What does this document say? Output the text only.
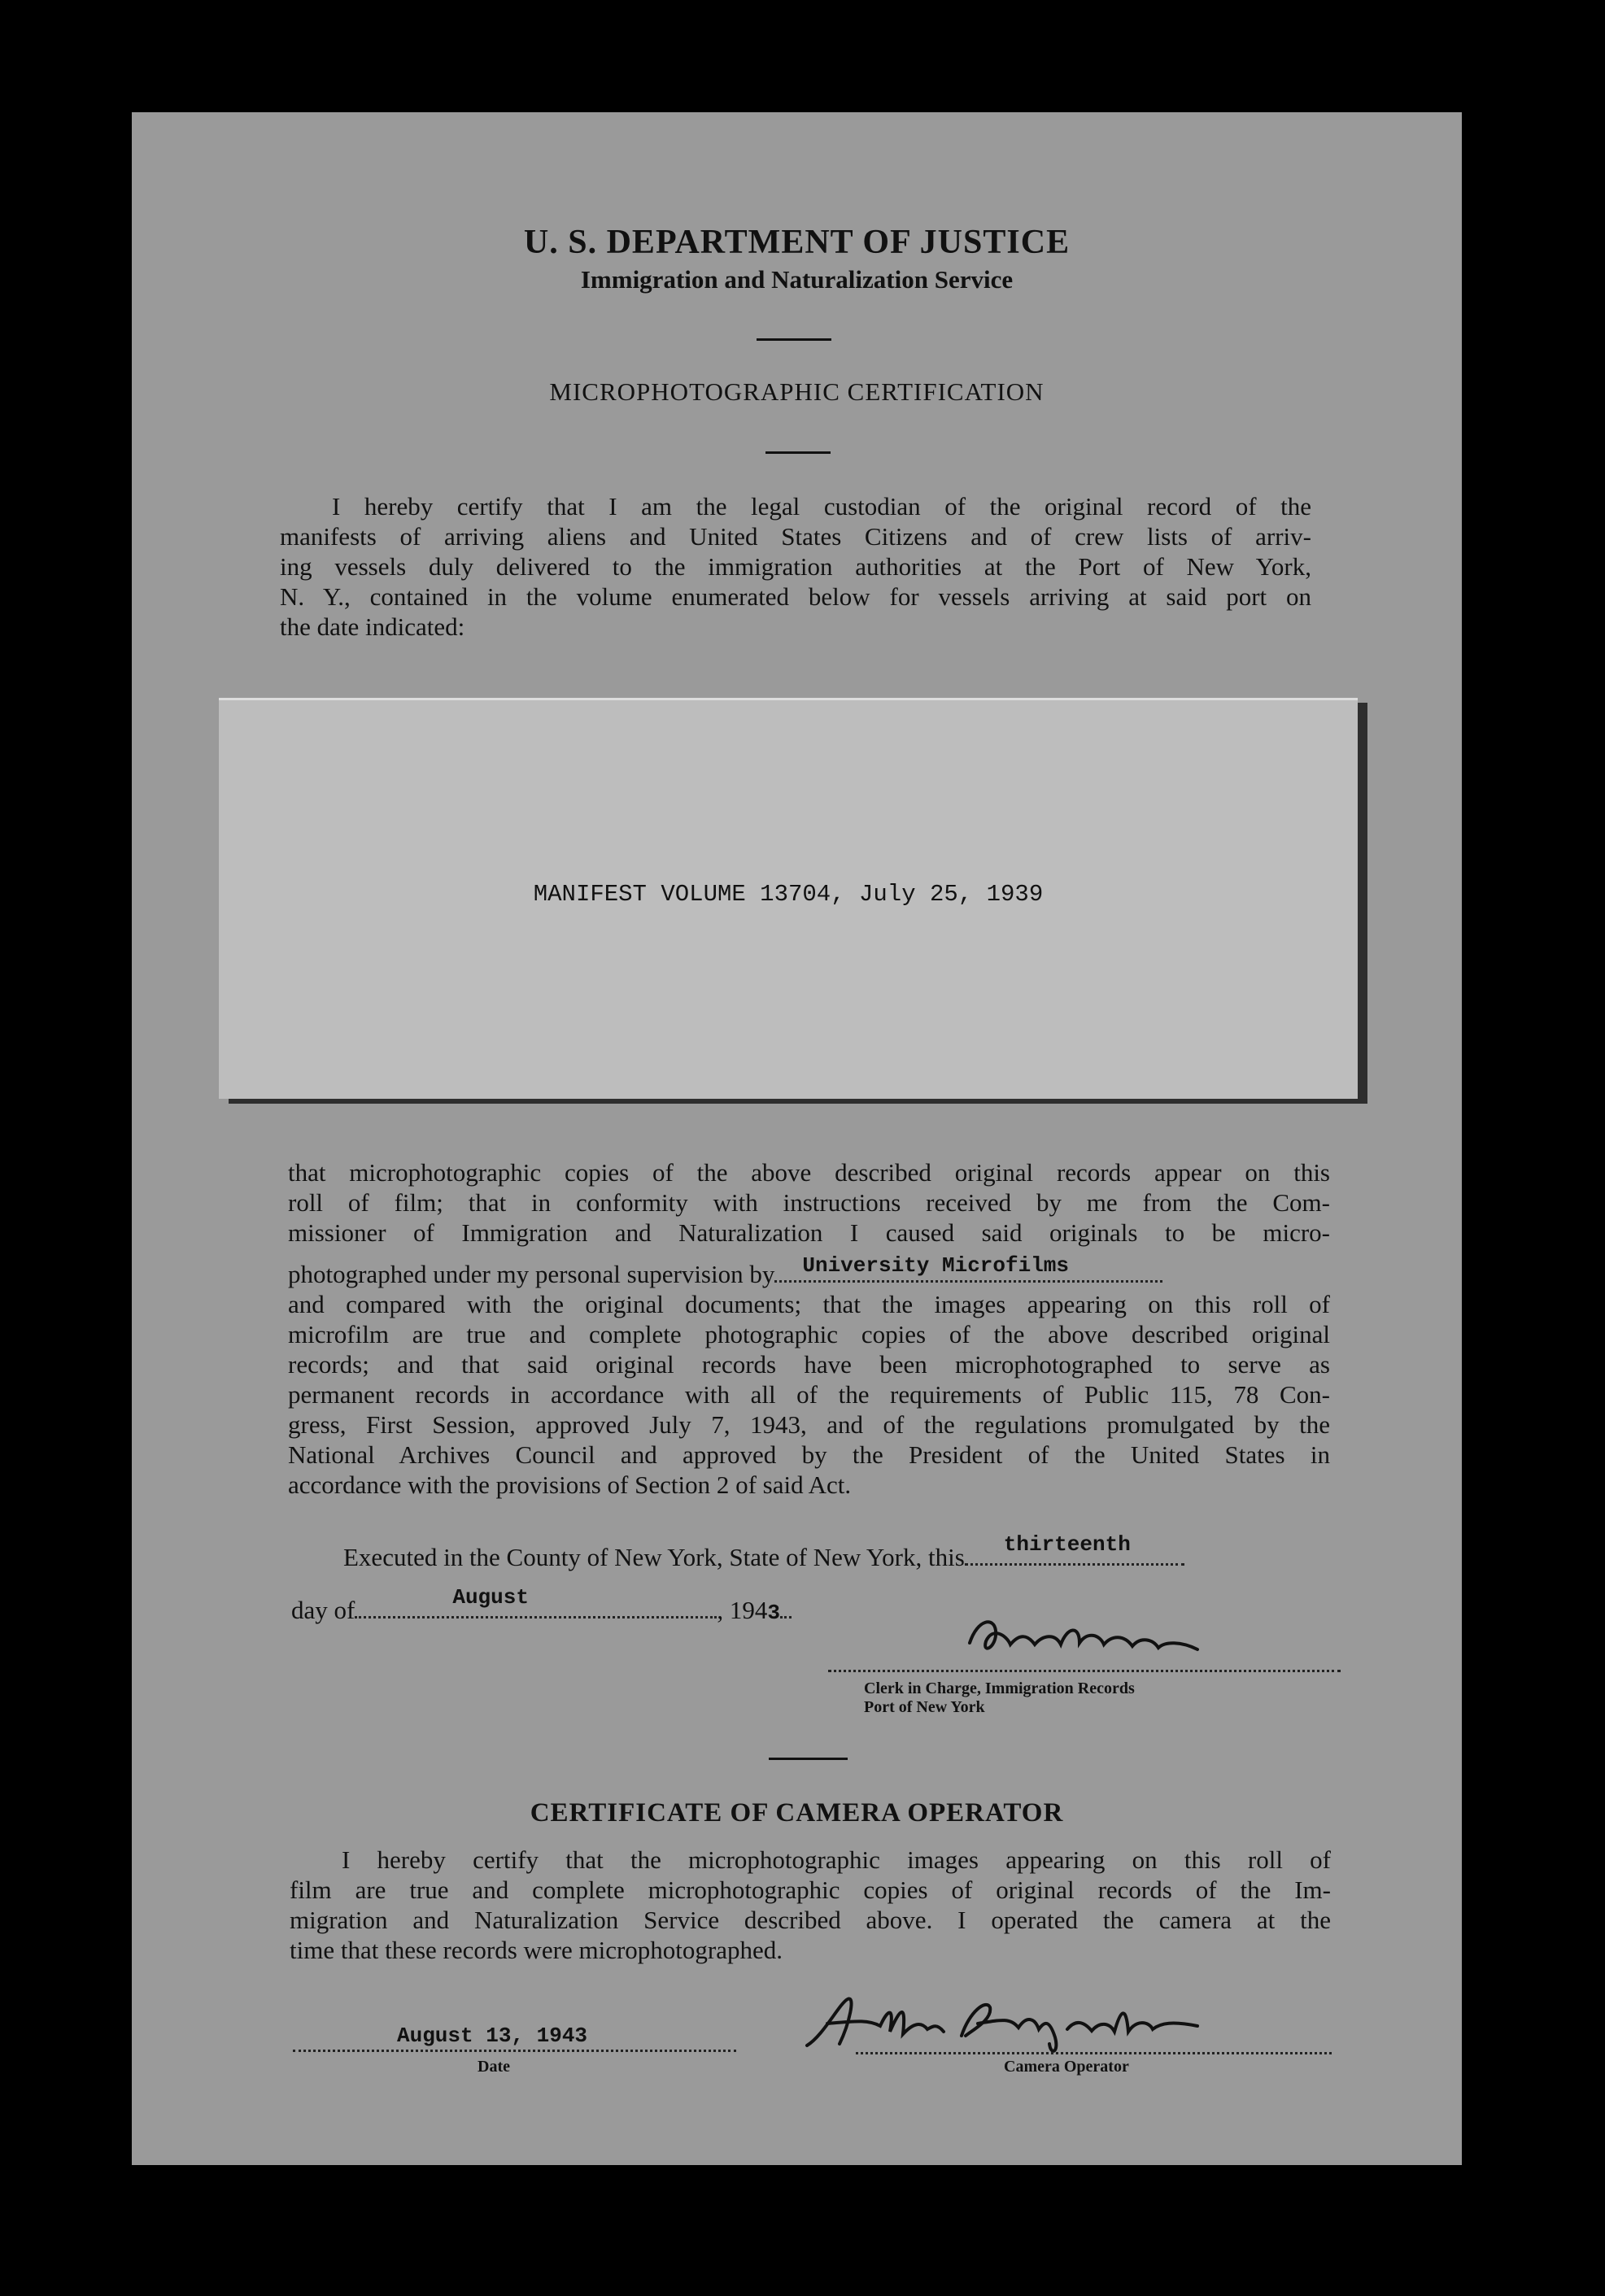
U. S. DEPARTMENT OF JUSTICE
Immigration and Naturalization Service
MICROPHOTOGRAPHIC CERTIFICATION
I hereby certify that I am the legal custodian of the original record of the
manifests of arriving aliens and United States Citizens and of crew lists of arriv-
ing vessels duly delivered to the immigration authorities at the Port of New York,
N. Y., contained in the volume enumerated below for vessels arriving at said port on
the date indicated:
MANIFEST VOLUME 13704, July 25, 1939
that microphotographic copies of the above described original records appear on this
roll of film; that in conformity with instructions received by me from the Com-
missioner of Immigration and Naturalization I caused said originals to be micro-
photographed under my personal supervision by University Microfilms
and compared with the original documents; that the images appearing on this roll of
microfilm are true and complete photographic copies of the above described original
records; and that said original records have been microphotographed to serve as
permanent records in accordance with all of the requirements of Public 115, 78 Con-
gress, First Session, approved July 7, 1943, and of the regulations promulgated by the
National Archives Council and approved by the President of the United States in
accordance with the provisions of Section 2 of said Act.
Executed in the County of New York, State of New York, this thirteenth
day of	August	, 1943
Clerk in Charge, Immigration Records
Port of New York
CERTIFICATE OF CAMERA OPERATOR
I hereby certify that the microphotographic images appearing on this roll of
film are true and complete microphotographic copies of original records of the Im-
migration and Naturalization Service described above. I operated the camera at the
time that these records were microphotographed.
August 13, 1943
Date	Camera Operator
